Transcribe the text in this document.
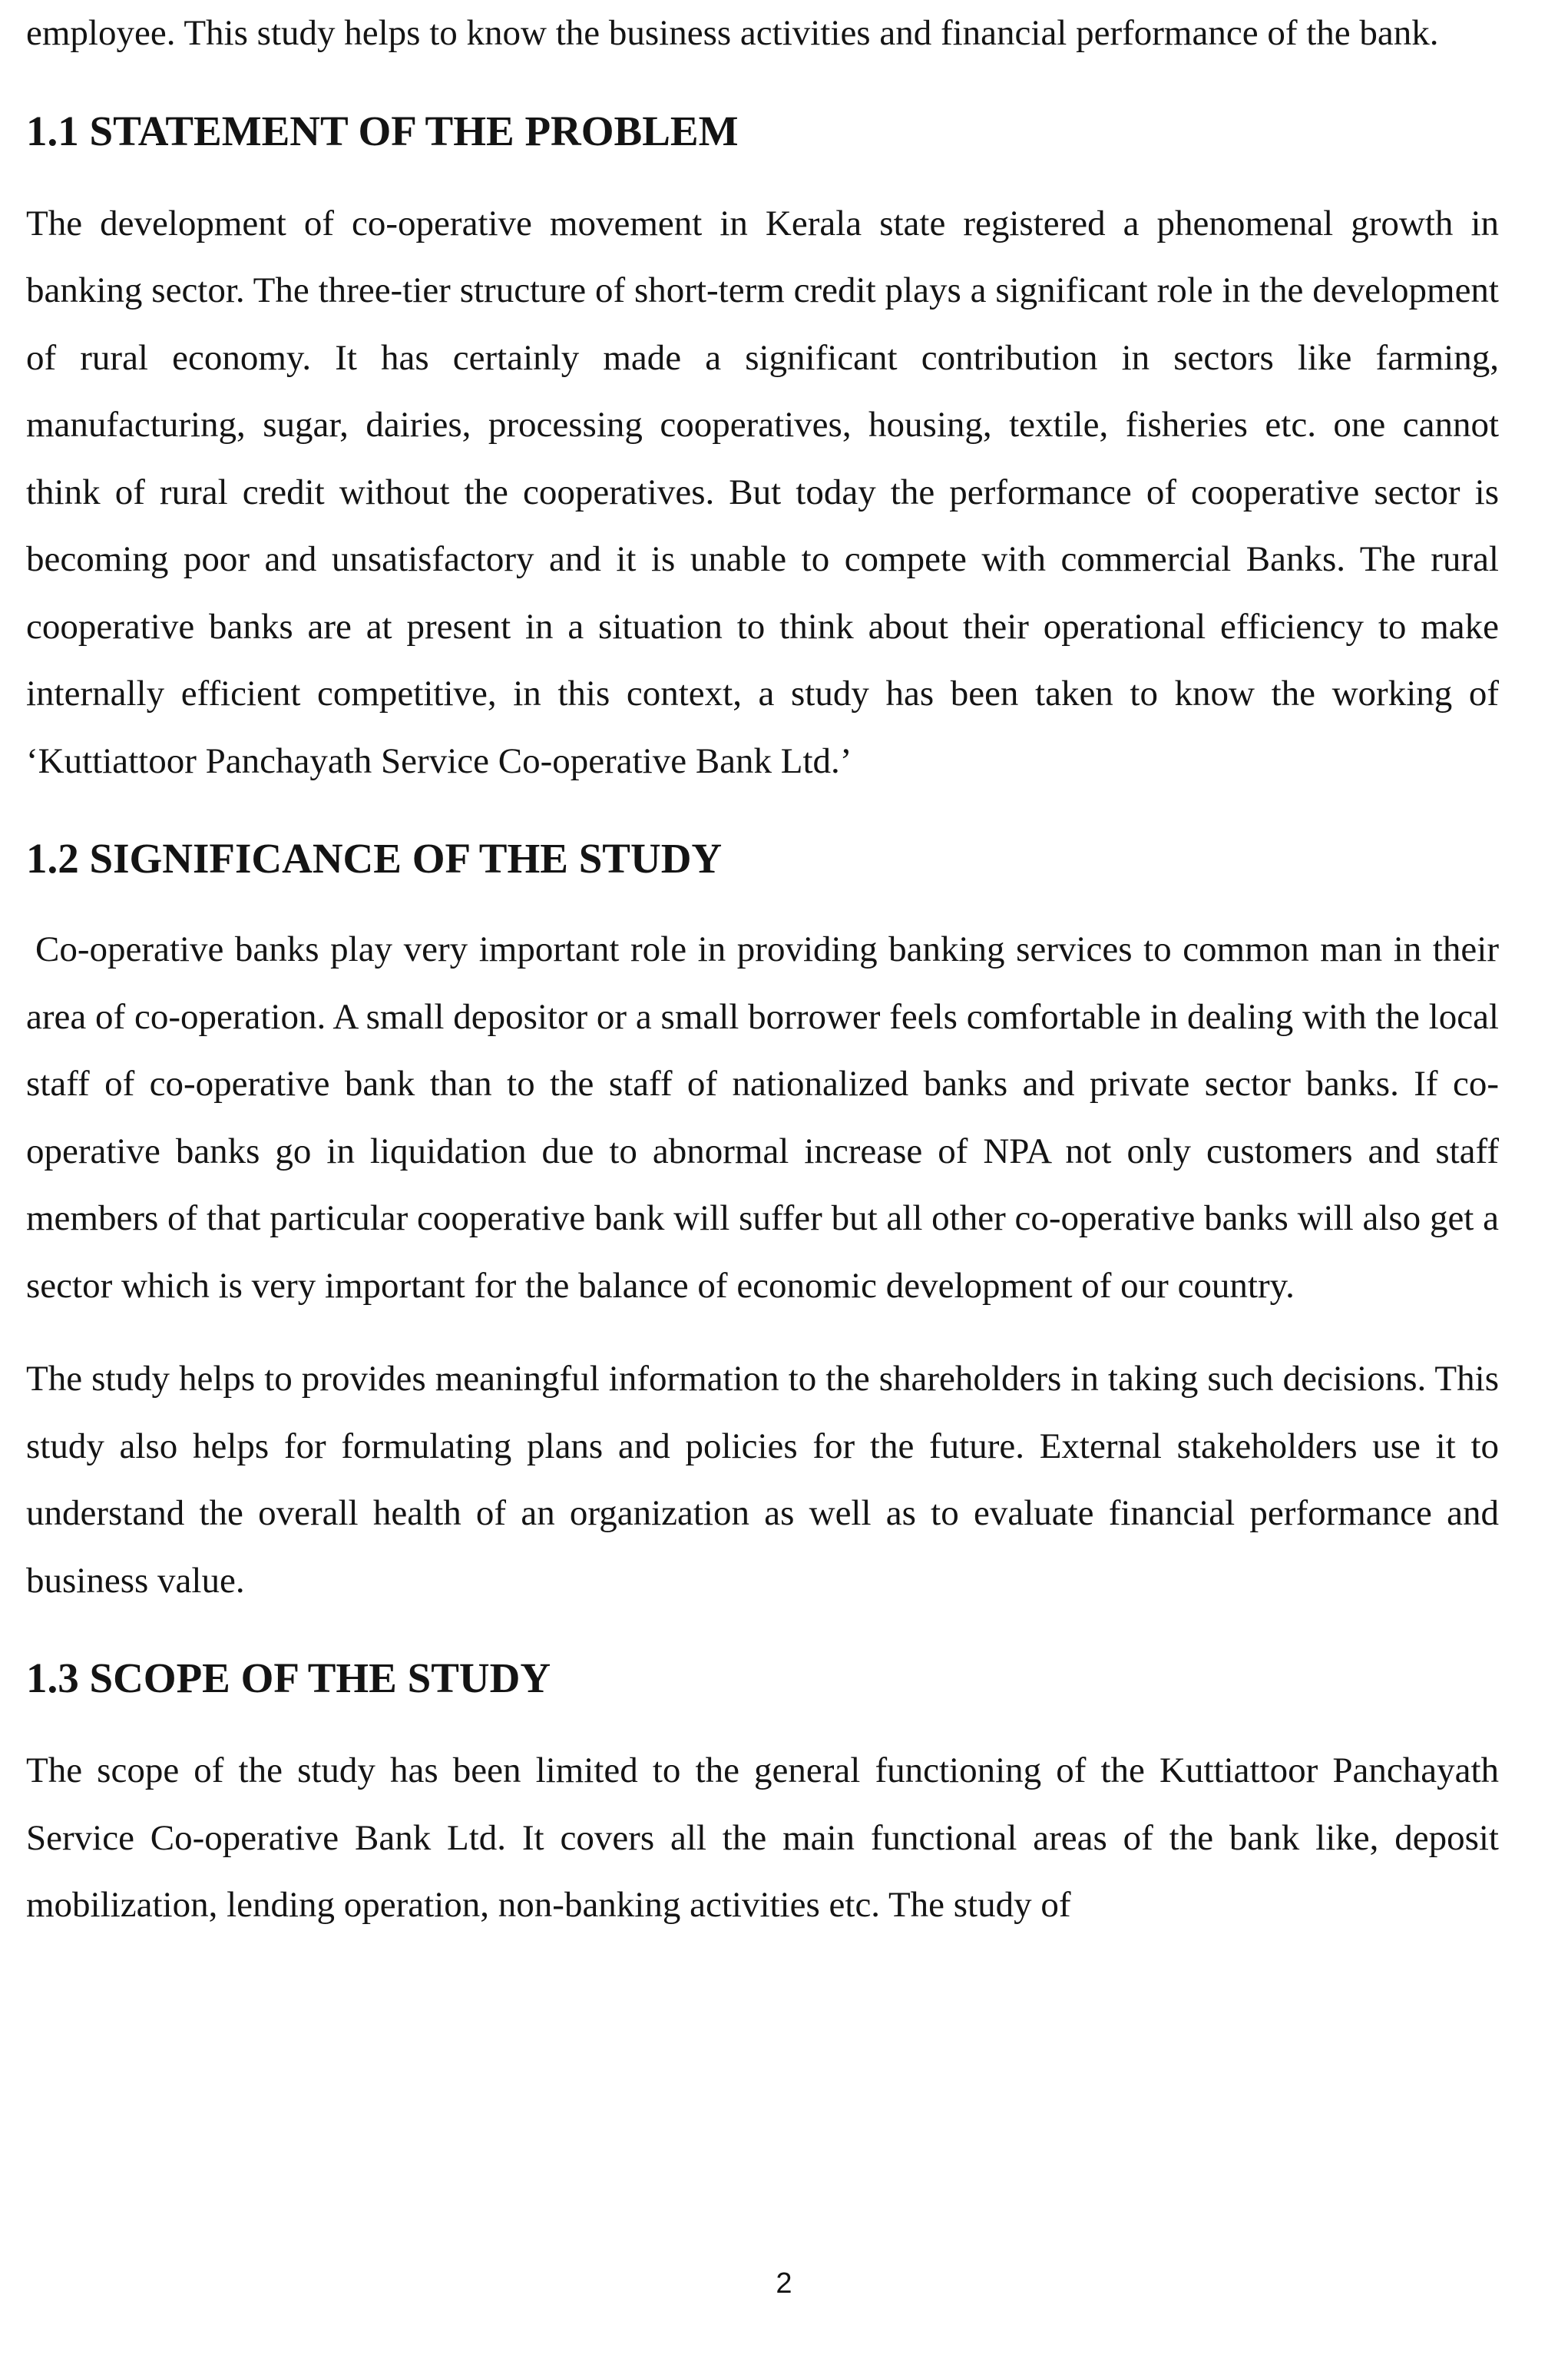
employee. This study helps to know the business activities and financial performance of the bank.

1.1 STATEMENT OF THE PROBLEM

The development of co-operative movement in Kerala state registered a phenomenal growth in banking sector. The three-tier structure of short-term credit plays a significant role in the development of rural economy. It has certainly made a significant contribution in sectors like farming, manufacturing, sugar, dairies, processing cooperatives, housing, textile, fisheries etc. one cannot think of rural credit without the cooperatives. But today the performance of cooperative sector is becoming poor and unsatisfactory and it is unable to compete with commercial Banks. The rural cooperative banks are at present in a situation to think about their operational efficiency to make internally efficient competitive, in this context, a study has been taken to know the working of ‘Kuttiattoor Panchayath Service Co-operative Bank Ltd.’

1.2 SIGNIFICANCE OF THE STUDY

Co-operative banks play very important role in providing banking services to common man in their area of co-operation. A small depositor or a small borrower feels comfortable in dealing with the local staff of co-operative bank than to the staff of nationalized banks and private sector banks. If co-operative banks go in liquidation due to abnormal increase of NPA not only customers and staff members of that particular cooperative bank will suffer but all other co-operative banks will also get a sector which is very important for the balance of economic development of our country.

The study helps to provides meaningful information to the shareholders in taking such decisions. This study also helps for formulating plans and policies for the future. External stakeholders use it to understand the overall health of an organization as well as to evaluate financial performance and business value.

1.3 SCOPE OF THE STUDY

The scope of the study has been limited to the general functioning of the Kuttiattoor Panchayath Service Co-operative Bank Ltd. It covers all the main functional areas of the bank like, deposit mobilization, lending operation, non-banking activities etc. The study of

2
